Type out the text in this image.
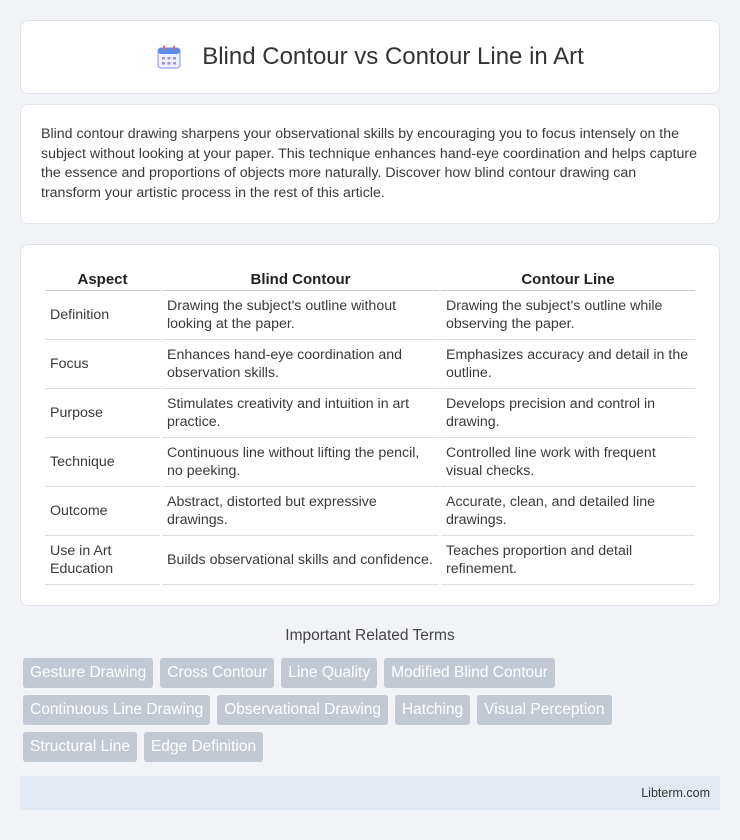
Blind Contour vs Contour Line in Art

Blind contour drawing sharpens your observational skills by encouraging you to focus intensely on the subject without looking at your paper. This technique enhances hand-eye coordination and helps capture the essence and proportions of objects more naturally. Discover how blind contour drawing can transform your artistic process in the rest of this article.

Aspect	Blind Contour	Contour Line
Definition	Drawing the subject's outline without looking at the paper.	Drawing the subject's outline while observing the paper.
Focus	Enhances hand-eye coordination and observation skills.	Emphasizes accuracy and detail in the outline.
Purpose	Stimulates creativity and intuition in art practice.	Develops precision and control in drawing.
Technique	Continuous line without lifting the pencil, no peeking.	Controlled line work with frequent visual checks.
Outcome	Abstract, distorted but expressive drawings.	Accurate, clean, and detailed line drawings.
Use in Art Education	Builds observational skills and confidence.	Teaches proportion and detail refinement.
Important Related Terms
Gesture Drawing	Cross Contour	Line Quality	Modified Blind Contour
Continuous Line Drawing	Observational Drawing	Hatching	Visual Perception
Structural Line	Edge Definition
Libterm.com
